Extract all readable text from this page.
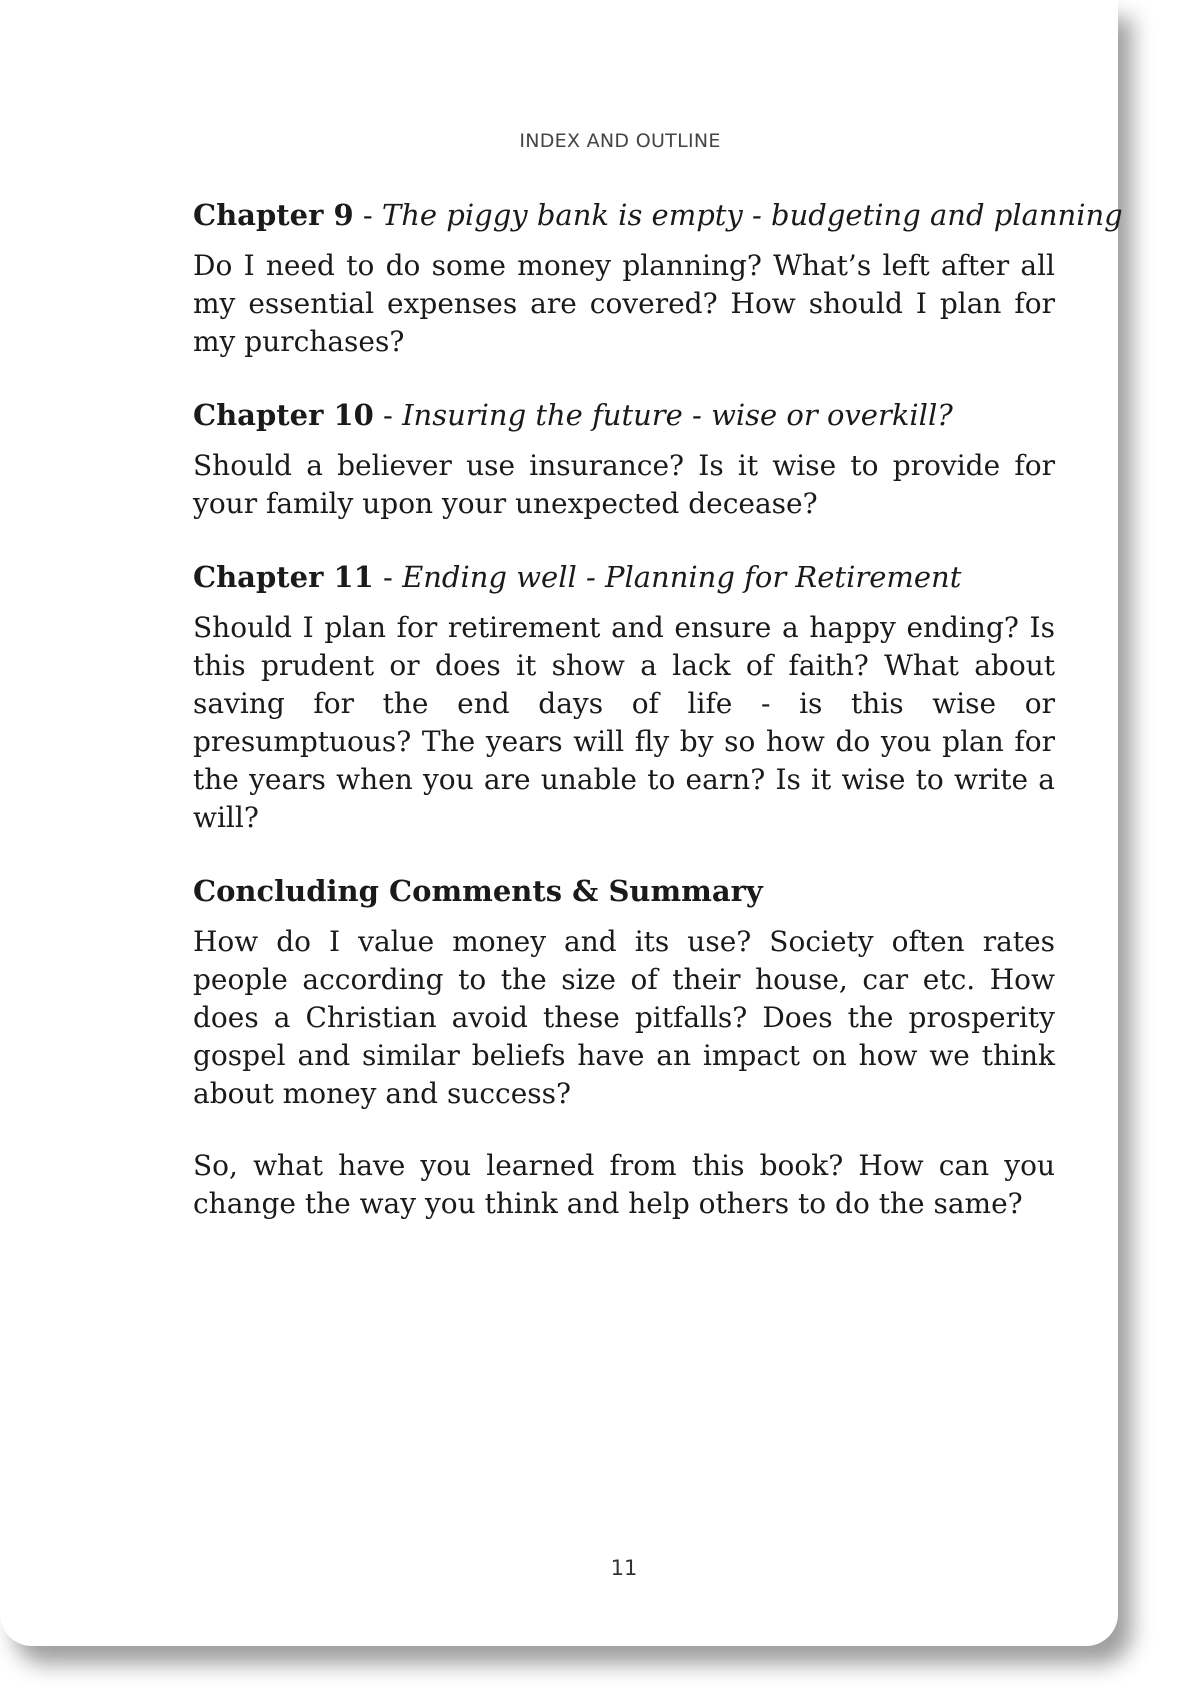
INDEX AND OUTLINE
Chapter 9 - The piggy bank is empty - budgeting and planning

Do I need to do some money planning? What’s left after all my essential expenses are covered? How should I plan for my purchases?

Chapter 10 - Insuring the future - wise or overkill?

Should a believer use insurance? Is it wise to provide for your family upon your unexpected decease?

Chapter 11 - Ending well - Planning for Retirement

Should I plan for retirement and ensure a happy ending? Is this prudent or does it show a lack of faith? What about saving for the end days of life - is this wise or presumptuous? The years will fly by so how do you plan for the years when you are unable to earn? Is it wise to write a will?

Concluding Comments & Summary

How do I value money and its use? Society often rates people according to the size of their house, car etc. How does a Christian avoid these pitfalls? Does the prosperity gospel and similar beliefs have an impact on how we think about money and success?

So, what have you learned from this book? How can you change the way you think and help others to do the same?

11
